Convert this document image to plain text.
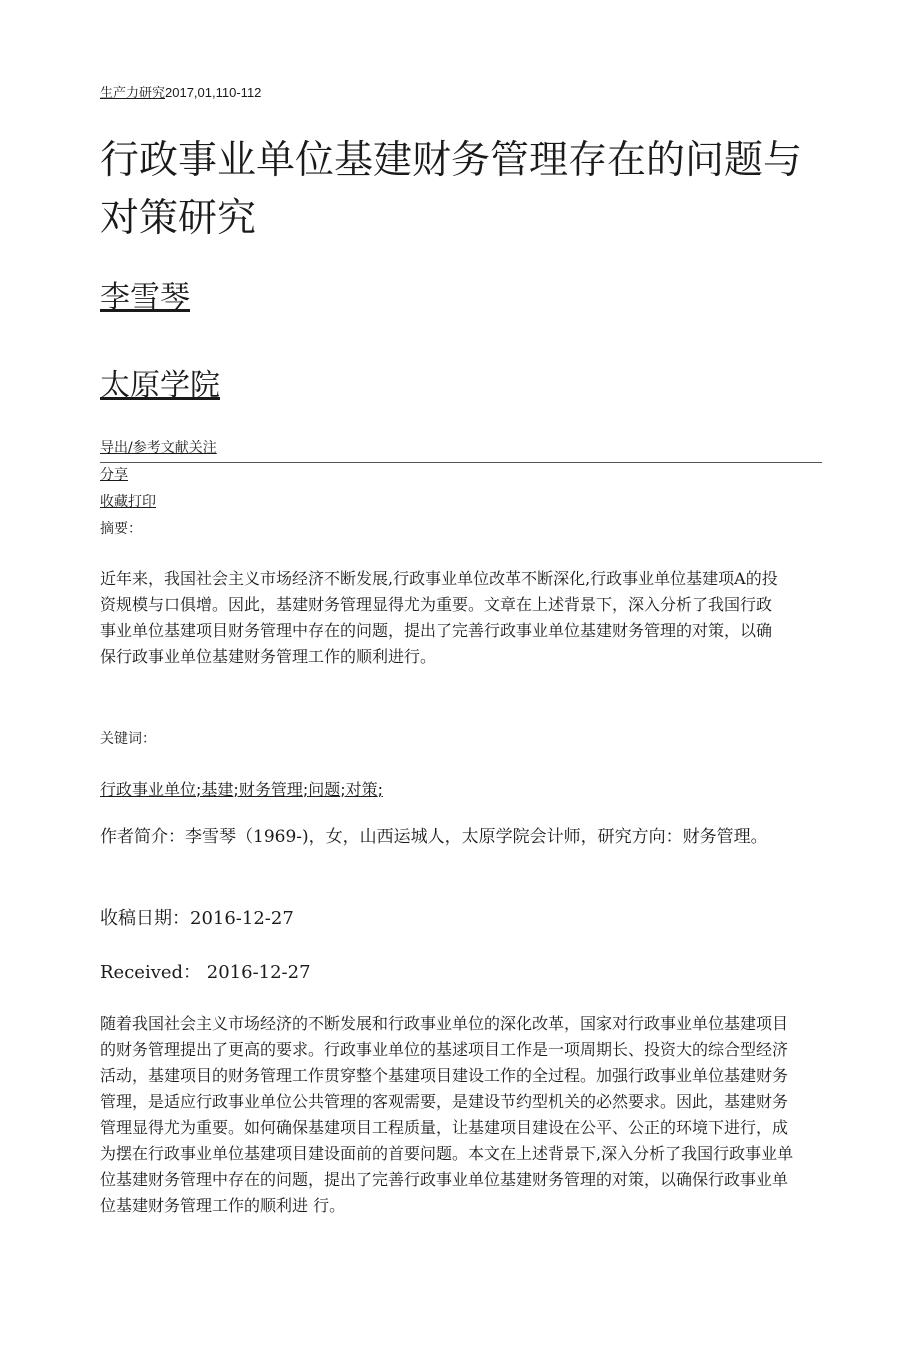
生产力研究2017,01,110-112
行政事业单位基建财务管理存在的问题与对策研究
李雪琴
太原学院
导出/参考文献关注
分享
收藏打印
摘要：

近年来，我国社会主义市场经济不断发展,行政事业单位改革不断深化,行政事业单位基建项A的投资规模与口俱增。因此，基建财务管理显得尤为重要。文章在上述背景下，深入分析了我国行政事业单位基建项目财务管理中存在的问题，提出了完善行政事业单位基建财务管理的对策，以确保行政事业单位基建财务管理工作的顺利进行。

关键词：
行政事业单位;基建;财务管理;问题;对策;
作者简介：李雪琴（1969-)，女，山西运城人，太原学院会计师，研究方向：财务管理。
收稿日期：2016-12-27
Received： 2016-12-27

随着我国社会主义市场经济的不断发展和行政事业单位的深化改革，国家对行政事业单位基建项目的财务管理提出了更高的要求。行政事业单位的基逑项目工作是一项周期长、投资大的综合型经济活动，基建项目的财务管理工作贯穿整个基建项目建设工作的全过程。加强行政事业单位基建财务管理，是适应行政事业单位公共管理的客观需要，是建设节约型机关的必然要求。因此，基建财务管理显得尤为重要。如何确保基建项目工程质量，让基建项目建设在公平、公正的环境下进行，成为摆在行政事业单位基建项目建设面前的首要问题。本文在上述背景下,深入分析了我国行政事业单位基建财务管理中存在的问题，提出了完善行政事业单位基建财务管理的对策，以确保行政事业单位基建财务管理工作的顺利进 行。
